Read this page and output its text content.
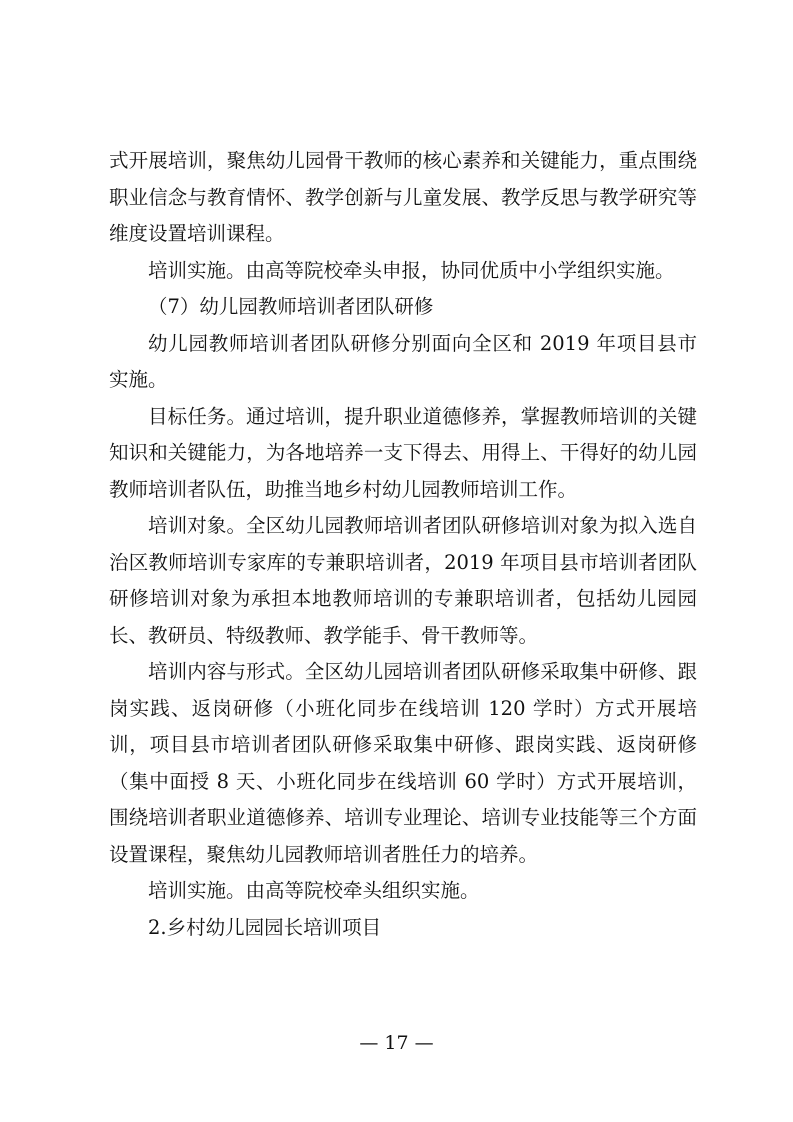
式开展培训，聚焦幼儿园骨干教师的核心素养和关键能力，重点围绕职业信念与教育情怀、教学创新与儿童发展、教学反思与教学研究等维度设置培训课程。

培训实施。由高等院校牵头申报，协同优质中小学组织实施。

（7）幼儿园教师培训者团队研修

幼儿园教师培训者团队研修分别面向全区和 2019 年项目县市实施。

目标任务。通过培训，提升职业道德修养，掌握教师培训的关键知识和关键能力，为各地培养一支下得去、用得上、干得好的幼儿园教师培训者队伍，助推当地乡村幼儿园教师培训工作。

培训对象。全区幼儿园教师培训者团队研修培训对象为拟入选自治区教师培训专家库的专兼职培训者，2019 年项目县市培训者团队研修培训对象为承担本地教师培训的专兼职培训者，包括幼儿园园长、教研员、特级教师、教学能手、骨干教师等。

培训内容与形式。全区幼儿园培训者团队研修采取集中研修、跟岗实践、返岗研修（小班化同步在线培训 120 学时）方式开展培训，项目县市培训者团队研修采取集中研修、跟岗实践、返岗研修（集中面授 8 天、小班化同步在线培训 60 学时）方式开展培训，围绕培训者职业道德修养、培训专业理论、培训专业技能等三个方面设置课程，聚焦幼儿园教师培训者胜任力的培养。

培训实施。由高等院校牵头组织实施。

2.乡村幼儿园园长培训项目

— 17 —
